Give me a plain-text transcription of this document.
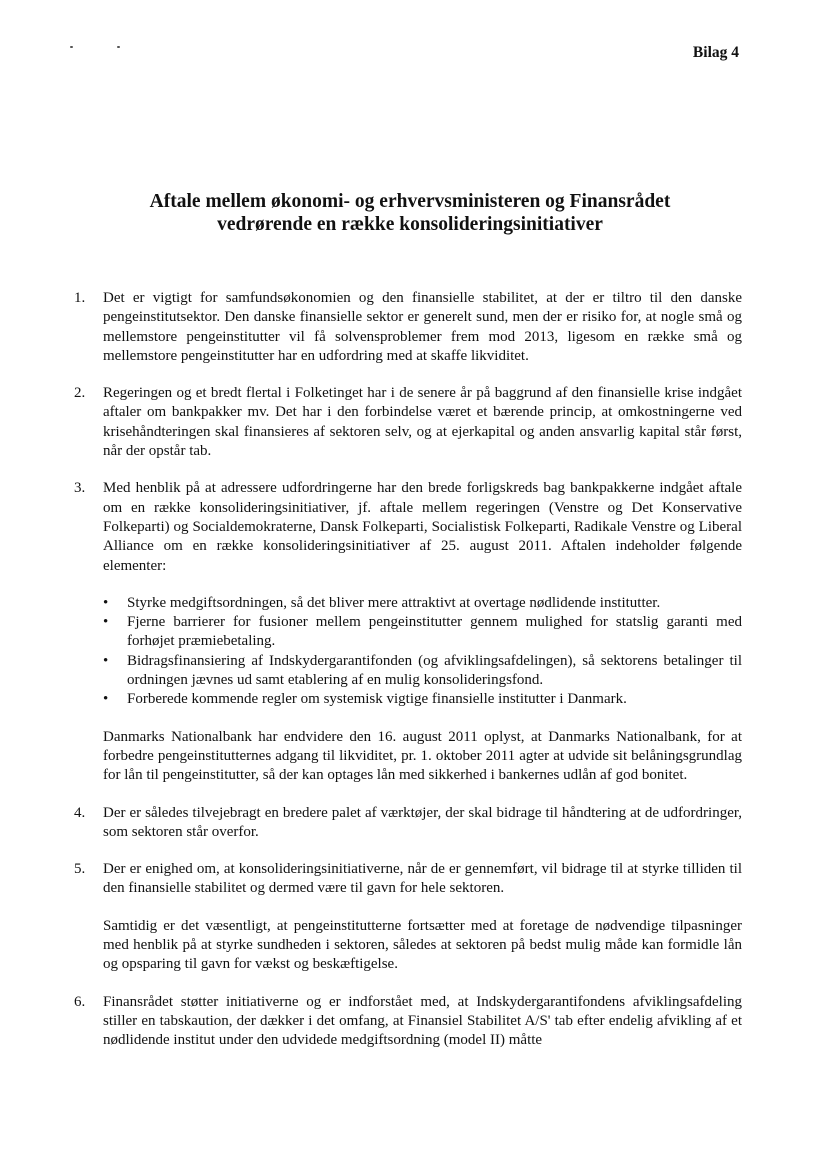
Bilag 4
Aftale mellem økonomi- og erhvervsministeren og Finansrådet
vedrørende en række konsolideringsinitiativer
1.	Det er vigtigt for samfundsøkonomien og den finansielle stabilitet, at der er tiltro til den danske pengeinstitutsektor. Den danske finansielle sektor er generelt sund, men der er risiko for, at nogle små og mellemstore pengeinstitutter vil få solvensproblemer frem mod 2013, ligesom en række små og mellemstore pengeinstitutter har en udfordring med at skaffe likviditet.

2.	Regeringen og et bredt flertal i Folketinget har i de senere år på baggrund af den finansielle krise indgået aftaler om bankpakker mv. Det har i den forbindelse været et bærende princip, at omkostningerne ved krisehåndteringen skal finansieres af sektoren selv, og at ejerkapital og anden ansvarlig kapital står først, når der opstår tab.

3.	Med henblik på at adressere udfordringerne har den brede forligskreds bag bankpakkerne indgået aftale om en række konsolideringsinitiativer, jf. aftale mellem regeringen (Venstre og Det Konservative Folkeparti) og Socialdemokraterne, Dansk Folkeparti, Socialistisk Folkeparti, Radikale Venstre og Liberal Alliance om en række konsolideringsinitiativer af 25. august 2011. Aftalen indeholder følgende elementer:

• Styrke medgiftsordningen, så det bliver mere attraktivt at overtage nødlidende institutter.
• Fjerne barrierer for fusioner mellem pengeinstitutter gennem mulighed for statslig garanti med forhøjet præmiebetaling.
• Bidragsfinansiering af Indskydergarantifonden (og afviklingsafdelingen), så sektorens betalinger til ordningen jævnes ud samt etablering af en mulig konsolideringsfond.
• Forberede kommende regler om systemisk vigtige finansielle institutter i Danmark.

Danmarks Nationalbank har endvidere den 16. august 2011 oplyst, at Danmarks Nationalbank, for at forbedre pengeinstitutternes adgang til likviditet, pr. 1. oktober 2011 agter at udvide sit belåningsgrundlag for lån til pengeinstitutter, så der kan optages lån med sikkerhed i bankernes udlån af god bonitet.

4.	Der er således tilvejebragt en bredere palet af værktøjer, der skal bidrage til håndtering at de udfordringer, som sektoren står overfor.

5.	Der er enighed om, at konsolideringsinitiativerne, når de er gennemført, vil bidrage til at styrke tilliden til den finansielle stabilitet og dermed være til gavn for hele sektoren.

Samtidig er det væsentligt, at pengeinstitutterne fortsætter med at foretage de nødvendige tilpasninger med henblik på at styrke sundheden i sektoren, således at sektoren på bedst mulig måde kan formidle lån og opsparing til gavn for vækst og beskæftigelse.

6.	Finansrådet støtter initiativerne og er indforstået med, at Indskydergarantifondens afviklingsafdeling stiller en tabskaution, der dækker i det omfang, at Finansiel Stabilitet A/S' tab efter endelig afvikling af et nødlidende institut under den udvidede medgiftsordning (model II) måtte
